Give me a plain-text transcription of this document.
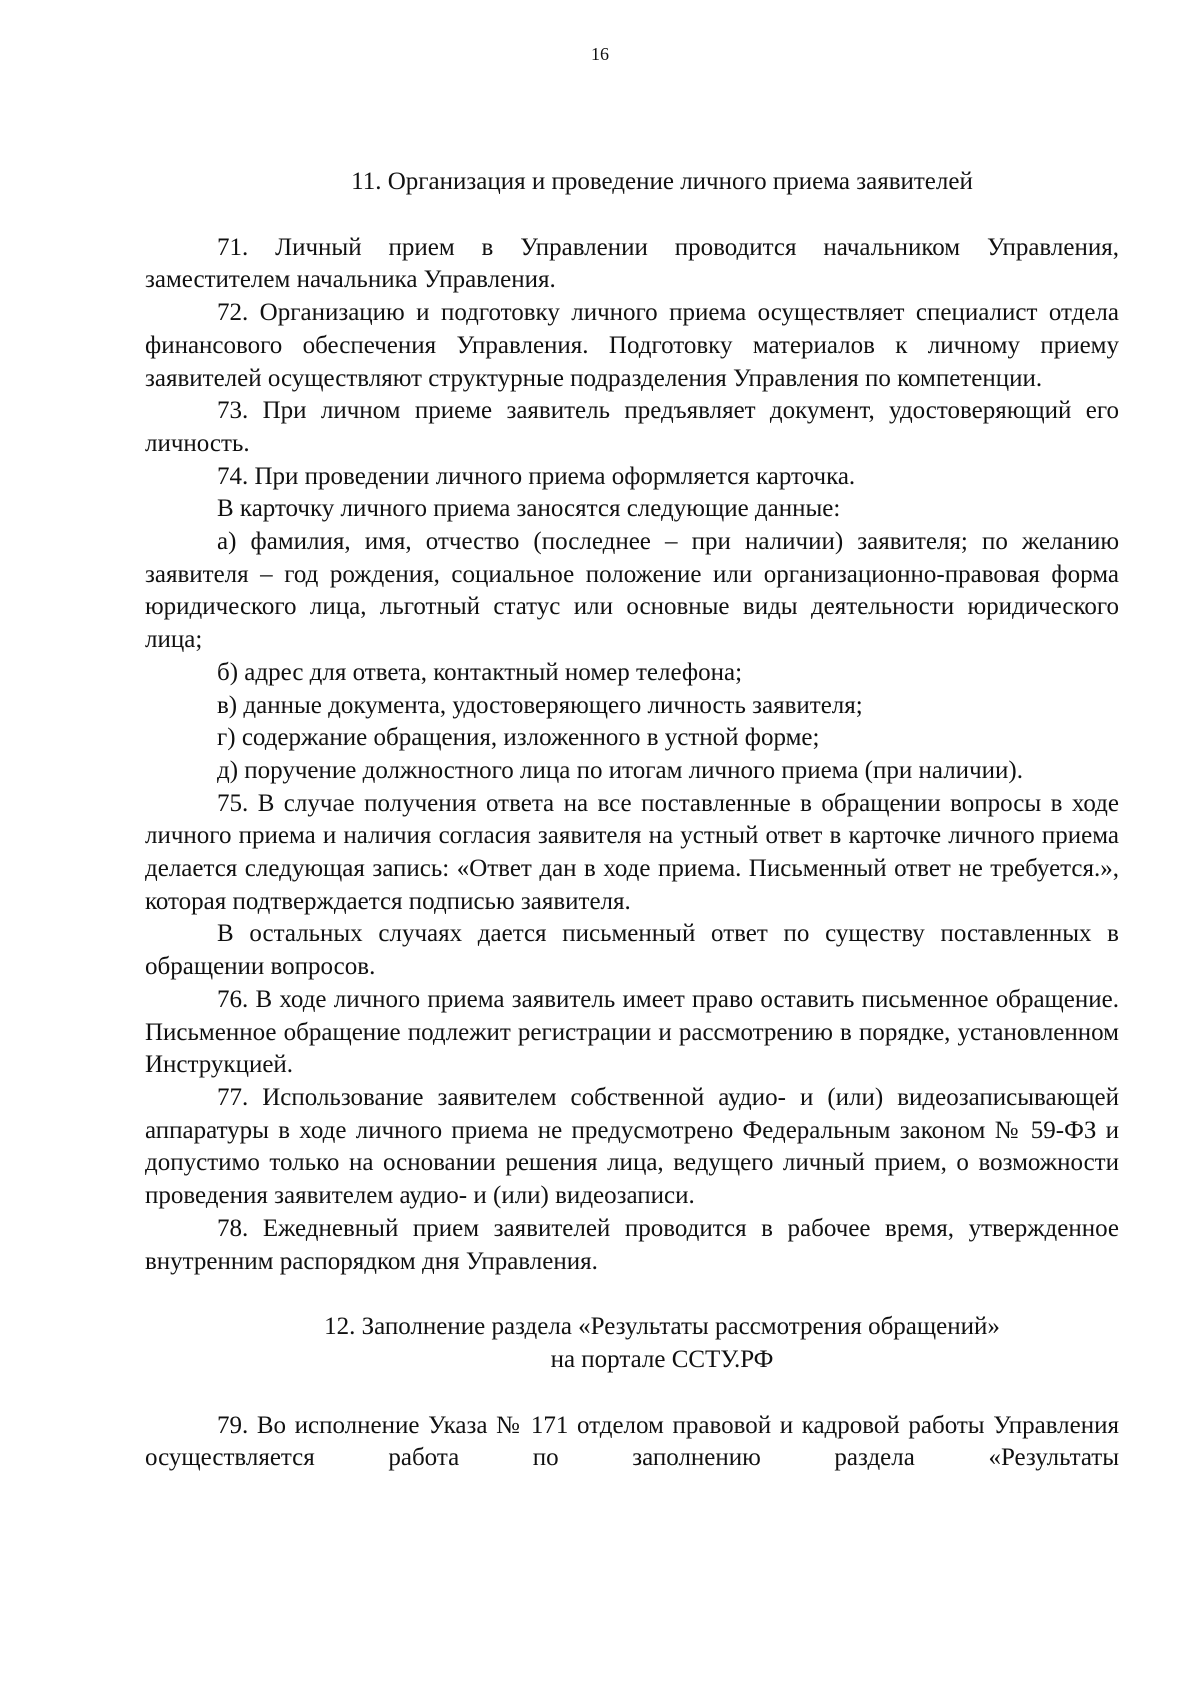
16
11. Организация и проведение личного приема заявителей

71. Личный прием в Управлении проводится начальником Управления, заместителем начальника Управления.

72. Организацию и подготовку личного приема осуществляет специалист отдела финансового обеспечения Управления. Подготовку материалов к личному приему заявителей осуществляют структурные подразделения Управления по компетенции.

73. При личном приеме заявитель предъявляет документ, удостоверяющий его личность.

74. При проведении личного приема оформляется карточка.

В карточку личного приема заносятся следующие данные:

а) фамилия, имя, отчество (последнее – при наличии) заявителя; по желанию заявителя – год рождения, социальное положение или организационно-правовая форма юридического лица, льготный статус или основные виды деятельности юридического лица;

б) адрес для ответа, контактный номер телефона;

в) данные документа, удостоверяющего личность заявителя;

г) содержание обращения, изложенного в устной форме;

д) поручение должностного лица по итогам личного приема (при наличии).

75. В случае получения ответа на все поставленные в обращении вопросы в ходе личного приема и наличия согласия заявителя на устный ответ в карточке личного приема делается следующая запись: «Ответ дан в ходе приема. Письменный ответ не требуется.», которая подтверждается подписью заявителя.

В остальных случаях дается письменный ответ по существу поставленных в обращении вопросов.

76. В ходе личного приема заявитель имеет право оставить письменное обращение. Письменное обращение подлежит регистрации и рассмотрению в порядке, установленном Инструкцией.

77. Использование заявителем собственной аудио- и (или) видеозаписывающей аппаратуры в ходе личного приема не предусмотрено Федеральным законом № 59-ФЗ и допустимо только на основании решения лица, ведущего личный прием, о возможности проведения заявителем аудио- и (или) видеозаписи.

78. Ежедневный прием заявителей проводится в рабочее время, утвержденное внутренним распорядком дня Управления.

12. Заполнение раздела «Результаты рассмотрения обращений»
на портале ССТУ.РФ

79. Во исполнение Указа № 171 отделом правовой и кадровой работы Управления осуществляется работа по заполнению раздела «Результаты
